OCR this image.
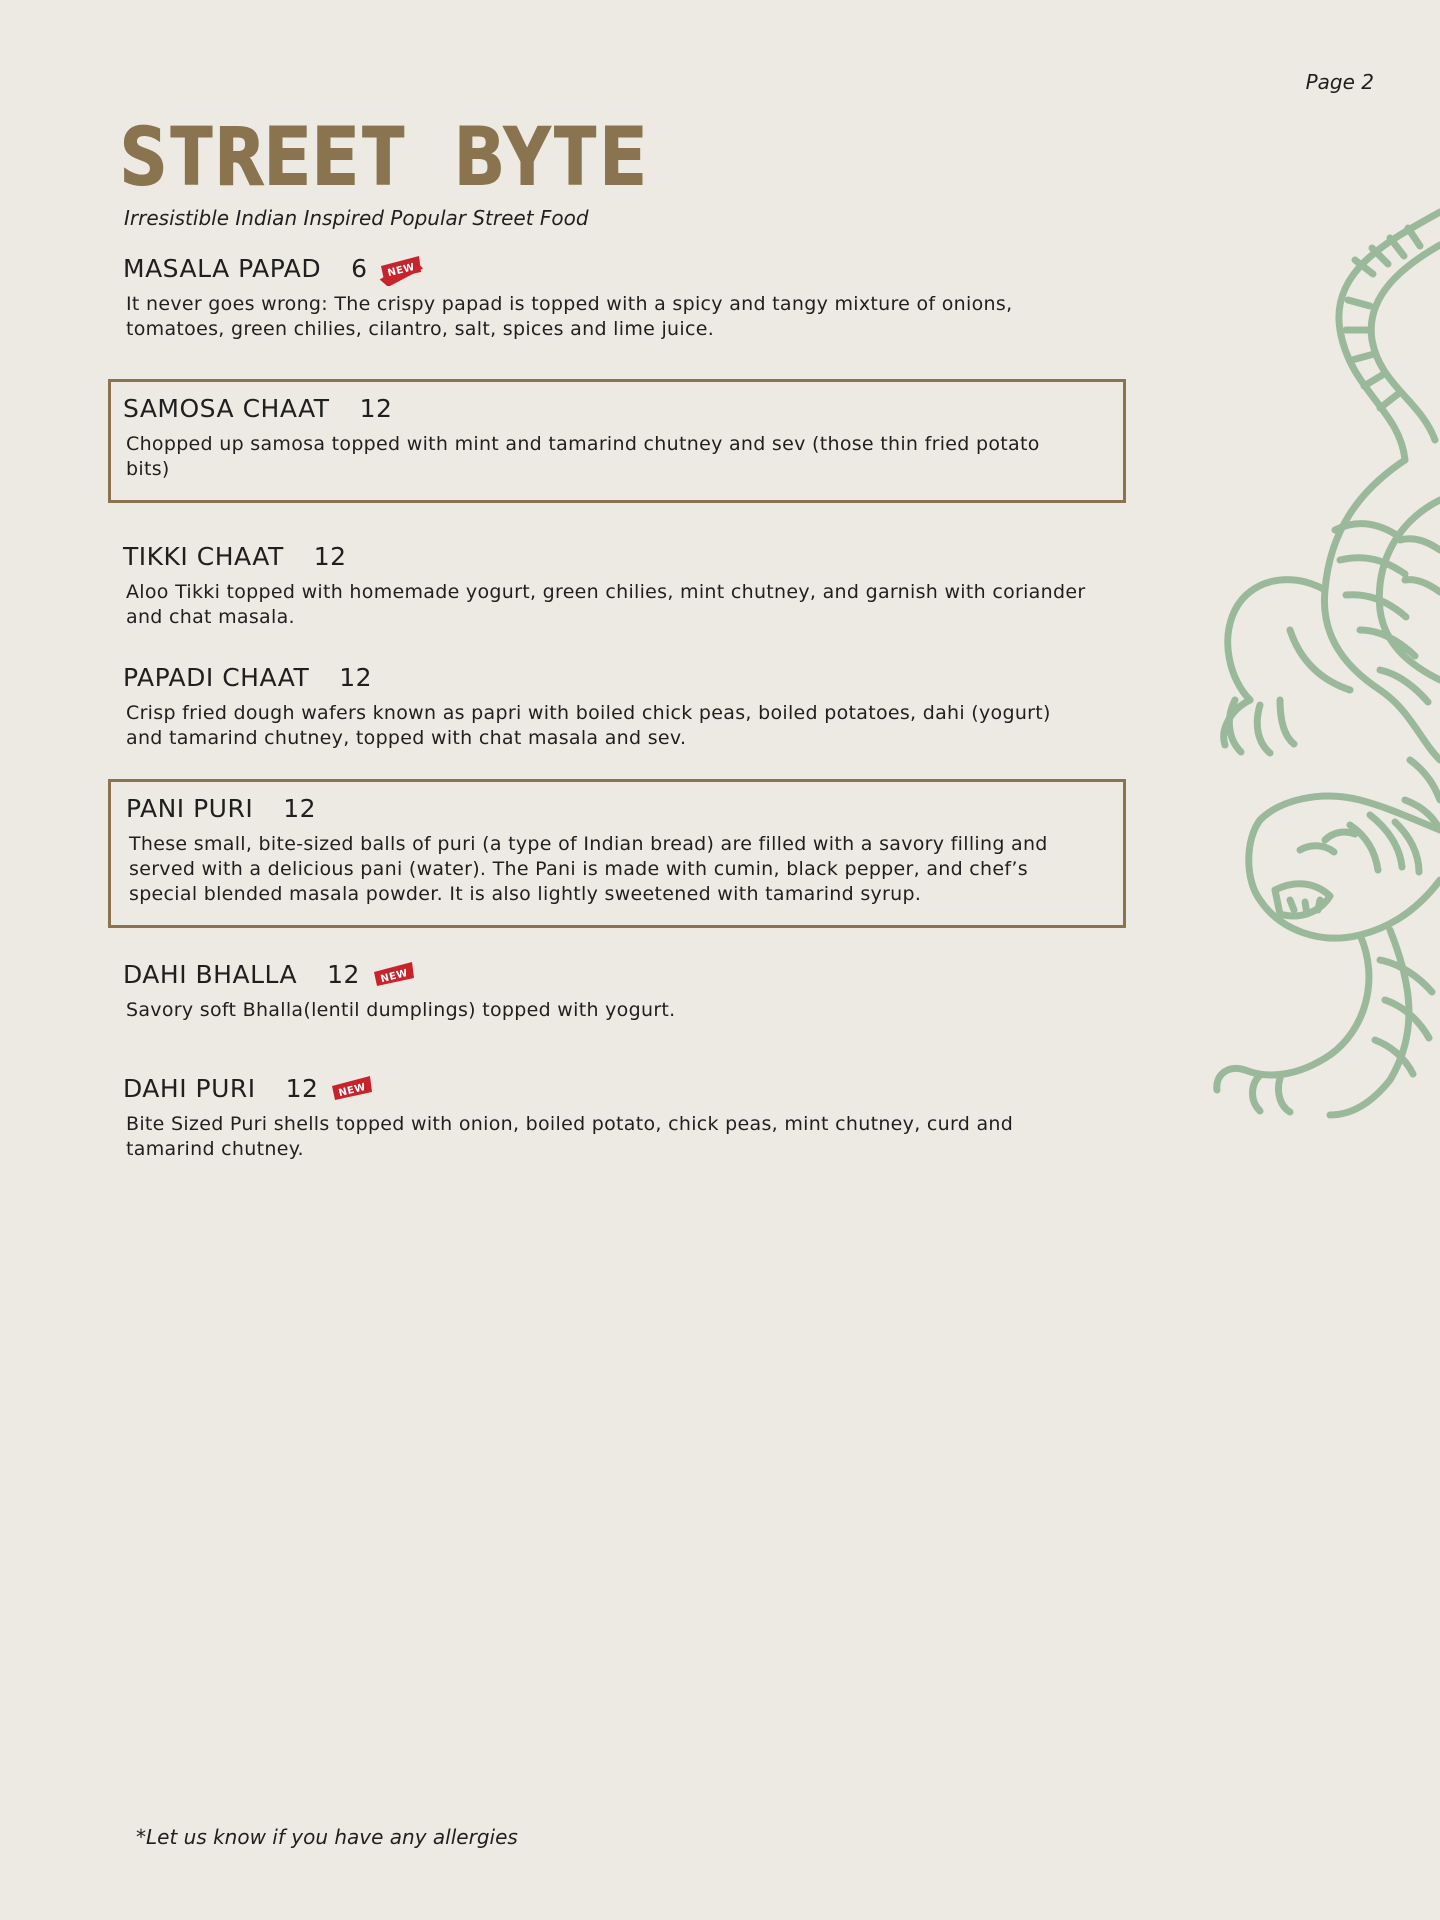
Page 2
STREET BYTE
Irresistible Indian Inspired Popular Street Food
MASALA PAPAD 6 NEW
It never goes wrong: The crispy papad is topped with a spicy and tangy mixture of onions, tomatoes, green chilies, cilantro, salt, spices and lime juice.
SAMOSA CHAAT 12
Chopped up samosa topped with mint and tamarind chutney and sev (those thin fried potato bits)
TIKKI CHAAT 12
Aloo Tikki topped with homemade yogurt, green chilies, mint chutney, and garnish with coriander and chat masala.
PAPADI CHAAT 12
Crisp fried dough wafers known as papri with boiled chick peas, boiled potatoes, dahi (yogurt) and tamarind chutney, topped with chat masala and sev.
PANI PURI 12
These small, bite-sized balls of puri (a type of Indian bread) are filled with a savory filling and served with a delicious pani (water). The Pani is made with cumin, black pepper, and chef’s special blended masala powder. It is also lightly sweetened with tamarind syrup.
DAHI BHALLA 12 NEW
Savory soft Bhalla(lentil dumplings) topped with yogurt.
DAHI PURI 12 NEW
Bite Sized Puri shells topped with onion, boiled potato, chick peas, mint chutney, curd and tamarind chutney.
*Let us know if you have any allergies
